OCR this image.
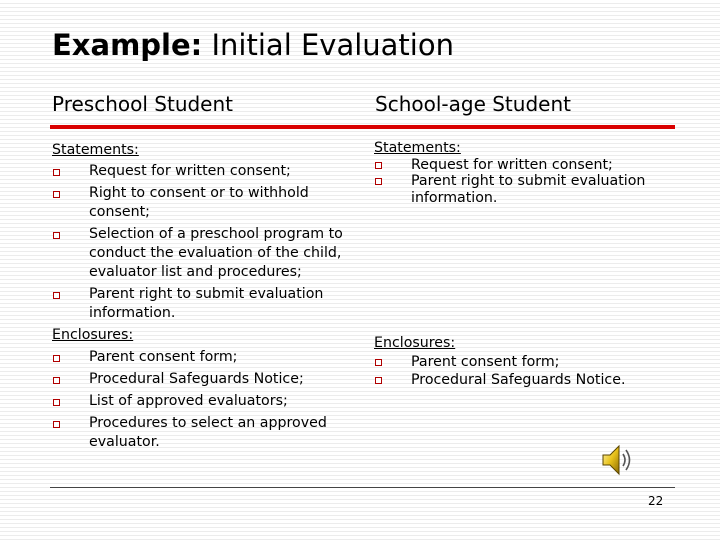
Example: Initial Evaluation
Preschool Student	School-age Student
Statements:
Request for written consent;
Right to consent or to withhold consent;
Selection of a preschool program to conduct the evaluation of the child, evaluator list and procedures;
Parent right to submit evaluation information.
Enclosures:
Parent consent form;
Procedural Safeguards Notice;
List of approved evaluators;
Procedures to select an approved evaluator.
Statements:
Request for written consent;
Parent right to submit evaluation information.
Enclosures:
Parent consent form;
Procedural Safeguards Notice.
22
